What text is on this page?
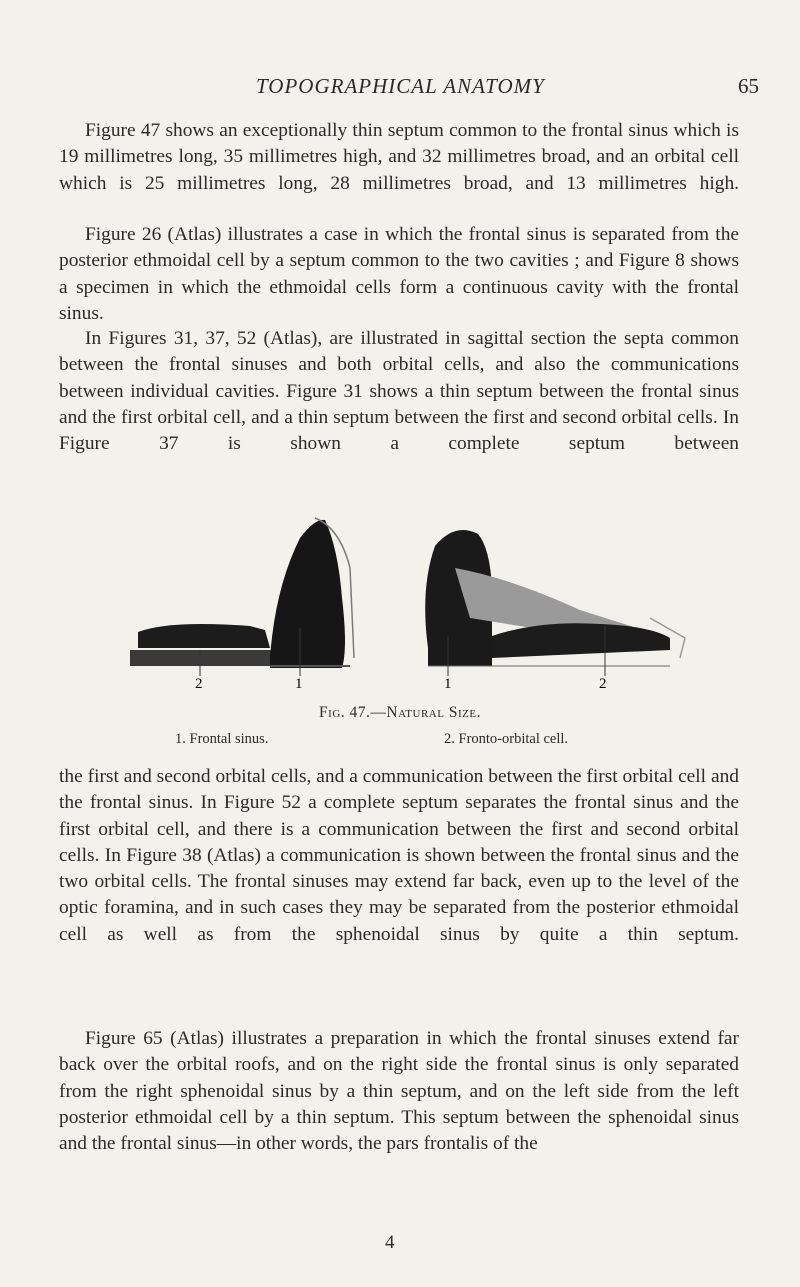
TOPOGRAPHICAL ANATOMY	65

Figure 47 shows an exceptionally thin septum common to the frontal sinus which is 19 millimetres long, 35 millimetres high, and 32 millimetres broad, and an orbital cell which is 25 millimetres long, 28 millimetres broad, and 13 millimetres high.

Figure 26 (Atlas) illustrates a case in which the frontal sinus is separated from the posterior ethmoidal cell by a septum common to the two cavities ; and Figure 8 shows a specimen in which the ethmoidal cells form a continuous cavity with the frontal sinus.

In Figures 31, 37, 52 (Atlas), are illustrated in sagittal section the septa common between the frontal sinuses and both orbital cells, and also the communications between individual cavities. Figure 31 shows a thin septum between the frontal sinus and the first orbital cell, and a thin septum between the first and second orbital cells. In Figure 37 is shown a complete septum between

2	1	1	2
Fig. 47.—Natural Size.
1. Frontal sinus.	2. Fronto-orbital cell.

the first and second orbital cells, and a communication between the first orbital cell and the frontal sinus. In Figure 52 a complete septum separates the frontal sinus and the first orbital cell, and there is a communication between the first and second orbital cells. In Figure 38 (Atlas) a communication is shown between the frontal sinus and the two orbital cells. The frontal sinuses may extend far back, even up to the level of the optic foramina, and in such cases they may be separated from the posterior ethmoidal cell as well as from the sphenoidal sinus by quite a thin septum.

Figure 65 (Atlas) illustrates a preparation in which the frontal sinuses extend far back over the orbital roofs, and on the right side the frontal sinus is only separated from the right sphenoidal sinus by a thin septum, and on the left side from the left posterior ethmoidal cell by a thin septum. This septum between the sphenoidal sinus and the frontal sinus—in other words, the pars frontalis of the

4
